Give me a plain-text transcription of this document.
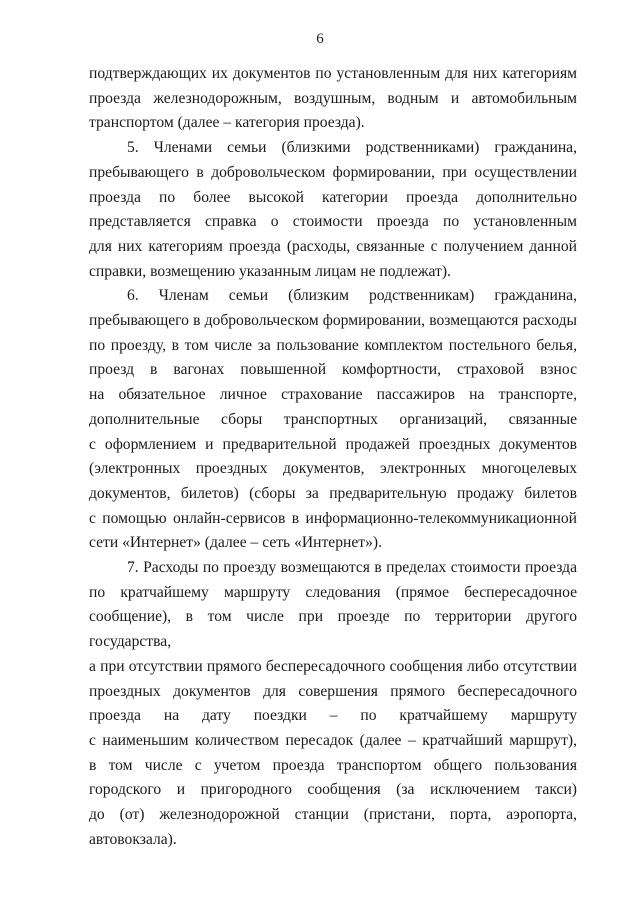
6
подтверждающих их документов по установленным для них категориям
проезда железнодорожным, воздушным, водным и автомобильным
транспортом (далее – категория проезда).
5. Членами семьи (близкими родственниками) гражданина,
пребывающего в добровольческом формировании, при осуществлении
проезда по более высокой категории проезда дополнительно
представляется справка о стоимости проезда по установленным
для них категориям проезда (расходы, связанные с получением данной
справки, возмещению указанным лицам не подлежат).
6. Членам семьи (близким родственникам) гражданина,
пребывающего в добровольческом формировании, возмещаются расходы
по проезду, в том числе за пользование комплектом постельного белья,
проезд в вагонах повышенной комфортности, страховой взнос
на обязательное личное страхование пассажиров на транспорте,
дополнительные сборы транспортных организаций, связанные
с оформлением и предварительной продажей проездных документов
(электронных проездных документов, электронных многоцелевых
документов, билетов) (сборы за предварительную продажу билетов
с помощью онлайн-сервисов в информационно-телекоммуникационной
сети «Интернет» (далее – сеть «Интернет»).
7. Расходы по проезду возмещаются в пределах стоимости проезда
по кратчайшему маршруту следования (прямое беспересадочное
сообщение), в том числе при проезде по территории другого государства,
а при отсутствии прямого беспересадочного сообщения либо отсутствии
проездных документов для совершения прямого беспересадочного
проезда на дату поездки – по кратчайшему маршруту
с наименьшим количеством пересадок (далее – кратчайший маршрут),
в том числе с учетом проезда транспортом общего пользования
городского и пригородного сообщения (за исключением такси)
до (от) железнодорожной станции (пристани, порта, аэропорта,
автовокзала).
